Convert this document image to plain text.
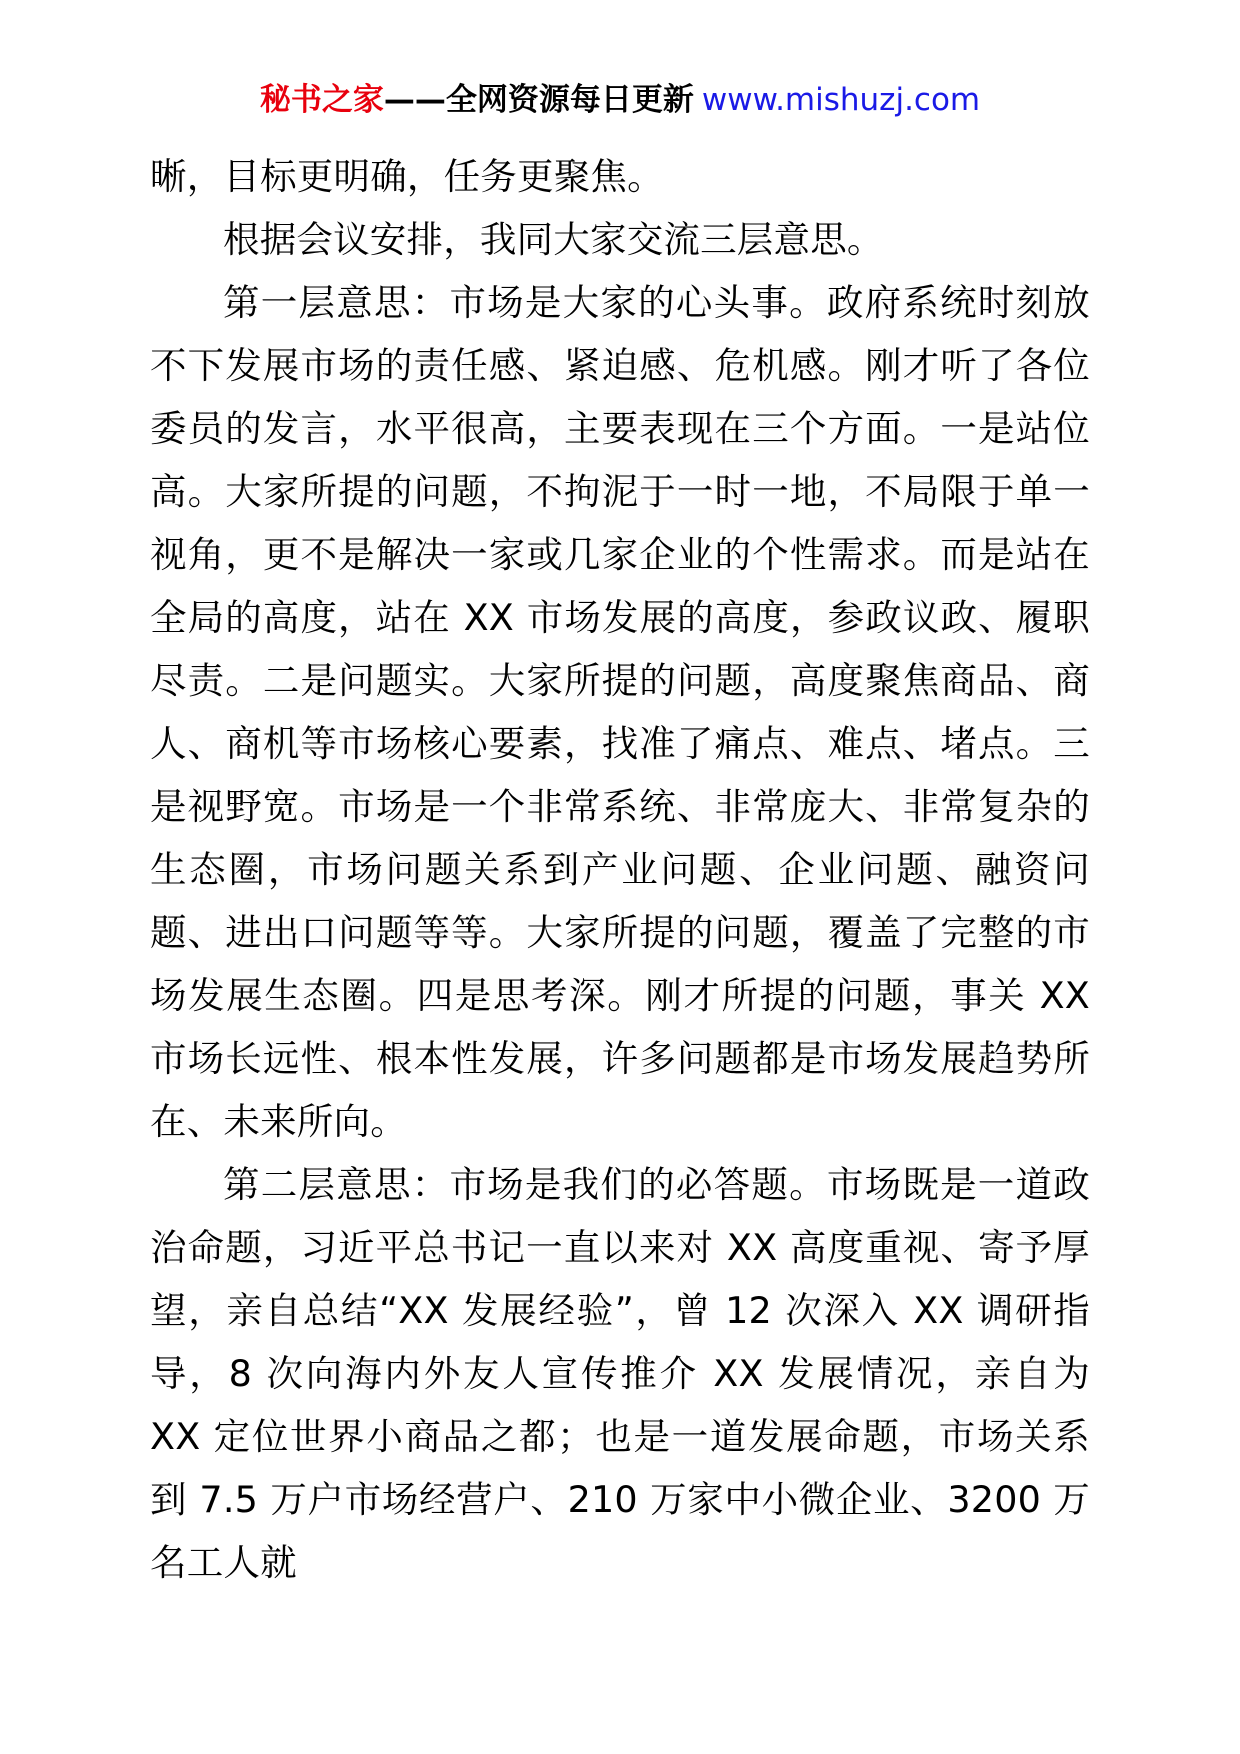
秘书之家——全网资源每日更新 www.mishuzj.com

晰，目标更明确，任务更聚焦。

根据会议安排，我同大家交流三层意思。

第一层意思：市场是大家的心头事。政府系统时刻放不下发展市场的责任感、紧迫感、危机感。刚才听了各位委员的发言，水平很高，主要表现在三个方面。一是站位高。大家所提的问题，不拘泥于一时一地，不局限于单一视角，更不是解决一家或几家企业的个性需求。而是站在全局的高度，站在 XX 市场发展的高度，参政议政、履职尽责。二是问题实。大家所提的问题，高度聚焦商品、商人、商机等市场核心要素，找准了痛点、难点、堵点。三是视野宽。市场是一个非常系统、非常庞大、非常复杂的生态圈，市场问题关系到产业问题、企业问题、融资问题、进出口问题等等。大家所提的问题，覆盖了完整的市场发展生态圈。四是思考深。刚才所提的问题，事关 XX 市场长远性、根本性发展，许多问题都是市场发展趋势所在、未来所向。

第二层意思：市场是我们的必答题。市场既是一道政治命题，习近平总书记一直以来对 XX 高度重视、寄予厚望，亲自总结“XX 发展经验”，曾 12 次深入 XX 调研指导，8 次向海内外友人宣传推介 XX 发展情况，亲自为 XX 定位世界小商品之都；也是一道发展命题，市场关系到 7.5 万户市场经营户、210 万家中小微企业、3200 万名工人就
